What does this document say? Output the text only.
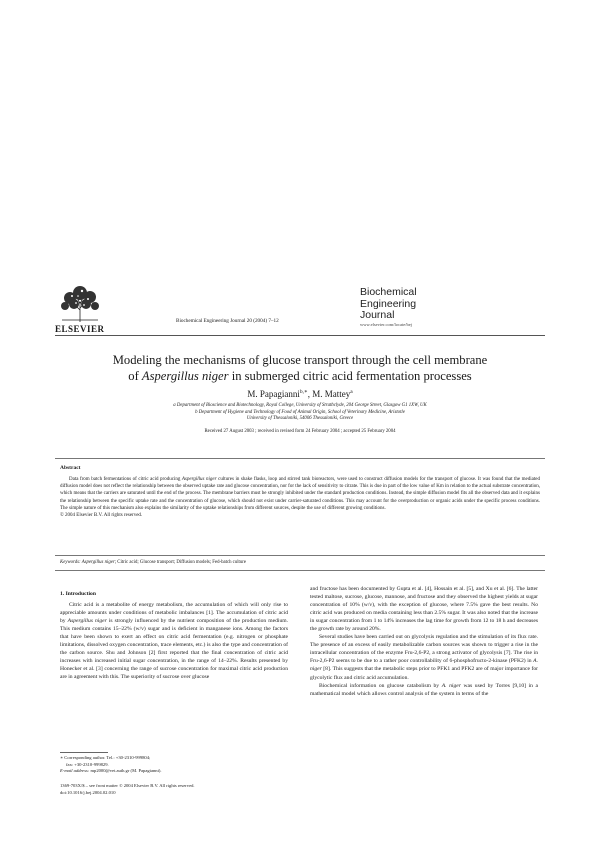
ELSEVIER
Biochemical Engineering Journal 20 (2004) 7–12
Biochemical
Engineering
Journal
www.elsevier.com/locate/bej
Modeling the mechanisms of glucose transport through the cell membrane
of Aspergillus niger in submerged citric acid fermentation processes
M. Papagianni$^{b,∗}$, M. Mattey$^a$
a Department of Bioscience and Biotechnology, Royal College, University of Strathclyde, 204 George Street, Glasgow G1 1XW, UK
b Department of Hygiene and Technology of Food of Animal Origin, School of Veterinary Medicine, Aristotle
University of Thessaloniki, 54006 Thessaloniki, Greece
Received 27 August 2003 ; received in revised form 24 February 2004 ; accepted 25 February 2004
Abstract
Data from batch fermentations of citric acid producing Aspergillus niger cultures in shake flasks, loop and stirred tank bioreactors, were used to construct diffusion models for the transport of glucose. It was found that the mediated diffusion model does not reflect the relationship between the observed uptake rate and glucose concentration, nor for the lack of sensitivity to citrate. This is due in part of the low value of Km in relation to the actual substrate concentration, which means that the carriers are saturated until the end of the process. The membrane barriers must be strongly inhibited under the standard production conditions. Instead, the simple diffusion model fits all the observed data and it explains the relationship between the specific uptake rate and the concentration of glucose, which should not exist under carrier-saturated conditions. This may account for the overproduction or organic acids under the specific process conditions. The simple nature of this mechanism also explains the similarity of the uptake relationships from different sources, despite the use of different growing conditions.
© 2004 Elsevier B.V. All rights reserved.
Keywords: Aspergillus niger; Citric acid; Glucose transport; Diffusion models; Fed-batch culture
1. Introduction
Citric acid is a metabolite of energy metabolism, the accumulation of which will only rise to appreciable amounts under conditions of metabolic imbalances [1]. The accumulation of citric acid by Aspergillus niger is strongly influenced by the nutrient composition of the production medium. This medium contains 15–22% (w/v) sugar and is deficient in manganese ions. Among the factors that have been shown to exert an effect on citric acid fermentation (e.g. nitrogen or phosphate limitations, dissolved oxygen concentration, trace elements, etc.) is also the type and concentration of the carbon source. Shu and Johnson [2] first reported that the final concentration of citric acid increases with increased initial sugar concentration, in the range of 14–22%. Results presented by Honecker et al. [3] concerning the range of sucrose concentration for maximal citric acid production are in agreement with this. The superiority of sucrose over glucose

and fructose has been documented by Gupta et al. [4], Hossain et al. [5], and Xu et al. [6]. The latter tested maltose, sucrose, glucose, mannose, and fructose and they observed the highest yields at sugar concentration of 10% (w/v), with the exception of glucose, where 7.5% gave the best results. No citric acid was produced on media containing less than 2.5% sugar. It was also noted that the increase in sugar concentration from 1 to 14% increases the lag time for growth from 12 to 18 h and decreases the growth rate by around 20%.

Several studies have been carried out on glycolysis regulation and the stimulation of its flux rate. The presence of an excess of easily metabolizable carbon sources was shown to trigger a rise in the intracellular concentration of the enzyme Fru-2,6-P2, a strong activator of glycolysis [7]. The rise in Fru-2,6-P2 seems to be due to a rather poor controllability of 6-phosphofructo-2-kinase (PFK2) in A. niger [8]. This suggests that the metabolic steps prior to PFK1 and PFK2 are of major importance for glycolytic flux and citric acid accumulation.

Biochemical information on glucose catabolism by A. niger was used by Torres [9,10] in a mathematical model which allows control analysis of the system in terms of the

∗ Corresponding author. Tel.: +30-2310-999804;
fax: +30-2310-999829.
E-mail address: mp2000@vet.auth.gr (M. Papagianni).
1369-703X/$ – see front matter © 2004 Elsevier B.V. All rights reserved.
doi:10.1016/j.bej.2004.02.010
